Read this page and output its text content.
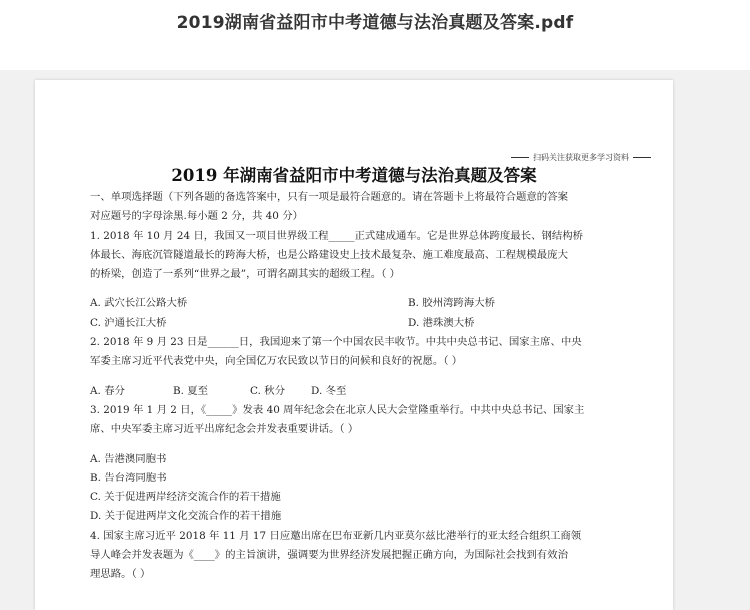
2019湖南省益阳市中考道德与法治真题及答案.pdf
扫码关注获取更多学习资料
2019 年湖南省益阳市中考道德与法治真题及答案
一、单项选择题（下列各题的备选答案中，只有一项是最符合题意的。请在答题卡上将最符合题意的答案
对应题号的字母涂黑.每小题 2 分，共 40 分）
1. 2018 年 10 月 24 日，我国又一项目世界级工程_____正式建成通车。它是世界总体跨度最长、钢结构桥
体最长、海底沉管隧道最长的跨海大桥，也是公路建设史上技术最复杂、施工难度最高、工程规模最庞大
的桥梁，创造了一系列“世界之最”，可谓名副其实的超级工程。（ ）
A. 武穴长江公路大桥	B. 胶州湾跨海大桥
C. 沪通长江大桥	D. 港珠澳大桥
2. 2018 年 9 月 23 日是______日，我国迎来了第一个中国农民丰收节。中共中央总书记、国家主席、中央
军委主席习近平代表党中央，向全国亿万农民致以节日的问候和良好的祝愿。（ ）
A. 春分	B. 夏至	C. 秋分	D. 冬至
3. 2019 年 1 月 2 日，《_____》发表 40 周年纪念会在北京人民大会堂隆重举行。中共中央总书记、国家主
席、中央军委主席习近平出席纪念会并发表重要讲话。（ ）
A. 告港澳同胞书
B. 告台湾同胞书
C. 关于促进两岸经济交流合作的若干措施
D. 关于促进两岸文化交流合作的若干措施
4. 国家主席习近平 2018 年 11 月 17 日应邀出席在巴布亚新几内亚莫尔兹比港举行的亚太经合组织工商领
导人峰会并发表题为《____》的主旨演讲，强调要为世界经济发展把握正确方向，为国际社会找到有效治
理思路。（ ）
